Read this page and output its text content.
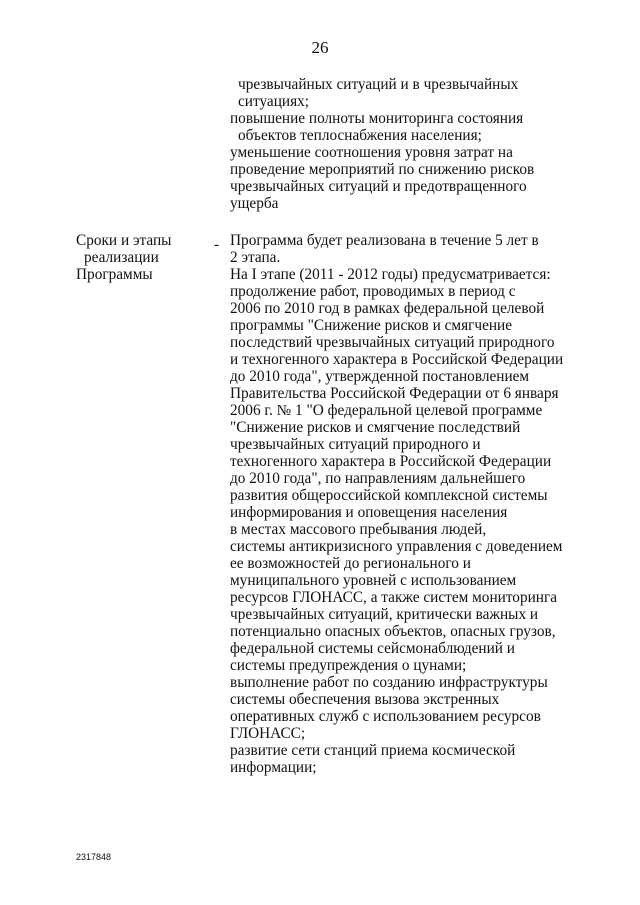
26
чрезвычайных ситуаций и в чрезвычайных
ситуациях;
повышение полноты мониторинга состояния
объектов теплоснабжения населения;
уменьшение соотношения уровня затрат на
проведение мероприятий по снижению рисков
чрезвычайных ситуаций и предотвращенного
ущерба
Сроки и этапы
реализации
Программы
- Программа будет реализована в течение 5 лет в
2 этапа.
На I этапе (2011 - 2012 годы) предусматривается:
продолжение работ, проводимых в период с
2006 по 2010 год в рамках федеральной целевой
программы "Снижение рисков и смягчение
последствий чрезвычайных ситуаций природного
и техногенного характера в Российской Федерации
до 2010 года", утвержденной постановлением
Правительства Российской Федерации от 6 января
2006 г. № 1 "О федеральной целевой программе
"Снижение рисков и смягчение последствий
чрезвычайных ситуаций природного и
техногенного характера в Российской Федерации
до 2010 года", по направлениям дальнейшего
развития общероссийской комплексной системы
информирования и оповещения населения
в местах массового пребывания людей,
системы антикризисного управления с доведением
ее возможностей до регионального и
муниципального уровней с использованием
ресурсов ГЛОНАСС, а также систем мониторинга
чрезвычайных ситуаций, критически важных и
потенциально опасных объектов, опасных грузов,
федеральной системы сейсмонаблюдений и
системы предупреждения о цунами;
выполнение работ по созданию инфраструктуры
системы обеспечения вызова экстренных
оперативных служб с использованием ресурсов
ГЛОНАСС;
развитие сети станций приема космической
информации;
2317848
